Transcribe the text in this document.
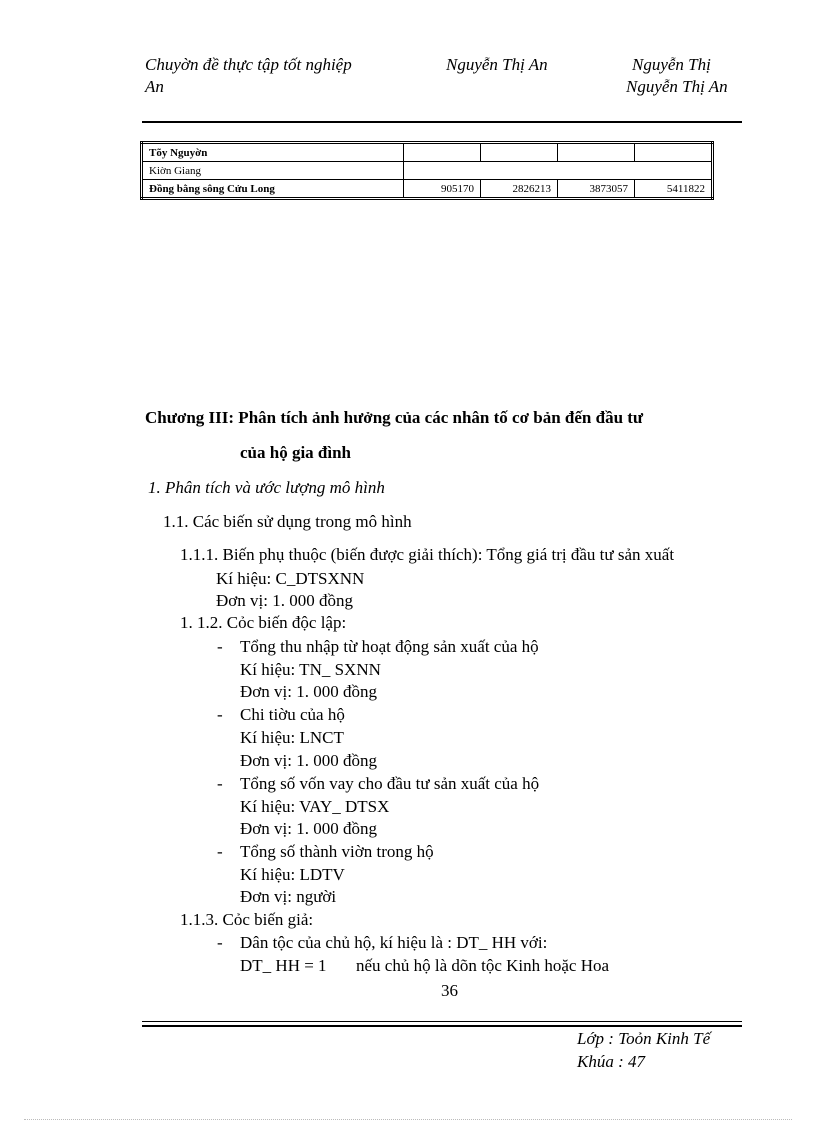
Chuyờn đề thực tập tốt nghiệp
An
Nguyễn Thị An	Nguyễn Thị
Nguyễn Thị An
Tõy Nguyờn				
Kiờn Giang				
Đồng bằng sông Cửu Long	905170	2826213	3873057	5411822
Chương III: Phân tích ảnh hưởng của các nhân tố cơ bản đến đầu tư
của hộ gia đình
1. Phân tích và ước lượng mô hình
1.1. Các biến sử dụng trong mô hình
1.1.1. Biến phụ thuộc (biến được giải thích): Tổng giá trị đầu tư sản xuất
Kí hiệu: C_DTSXNN
Đơn vị: 1. 000 đồng
1. 1.2. Cỏc biến độc lập:
- Tổng thu nhập từ hoạt động sản xuất của hộ
Kí hiệu: TN_ SXNN
Đơn vị: 1. 000 đồng
- Chi tiờu của hộ
Kí hiệu: LNCT
Đơn vị: 1. 000 đồng
- Tổng số vốn vay cho đầu tư sản xuất của hộ
Kí hiệu: VAY_ DTSX
Đơn vị: 1. 000 đồng
- Tổng số thành viờn trong hộ
Kí hiệu: LDTV
Đơn vị: người
1.1.3. Cỏc biến giả:
- Dân tộc của chủ hộ, kí hiệu là : DT_ HH với:
DT_ HH = 1 nếu chủ hộ là dõn tộc Kinh hoặc Hoa
36
Lớp : Toỏn Kinh Tế
Khúa : 47
